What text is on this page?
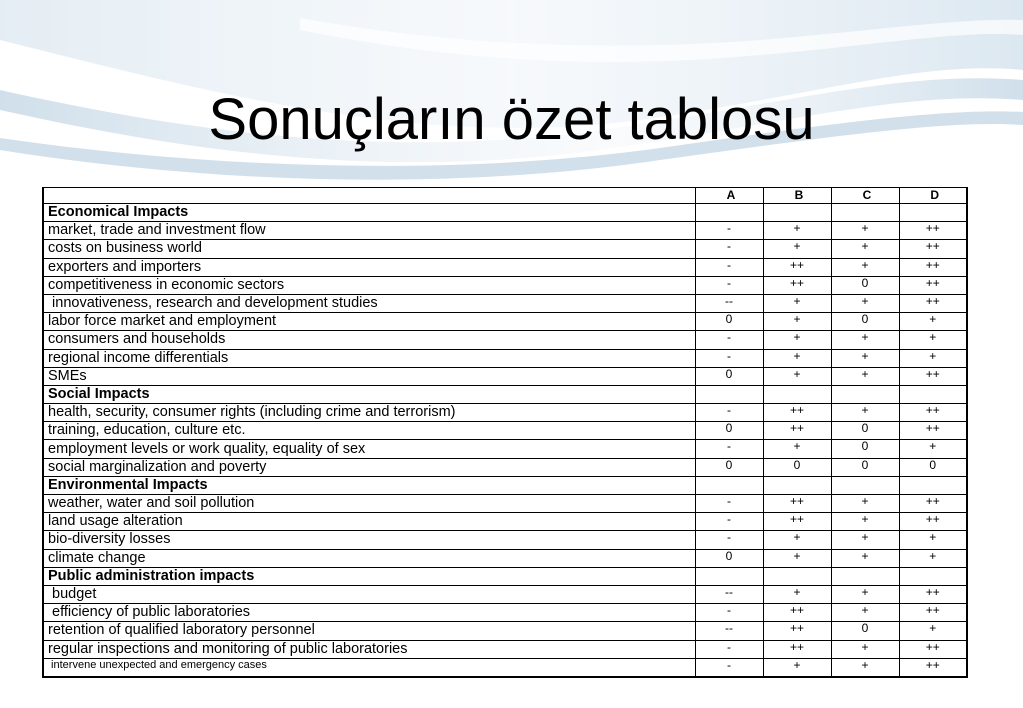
Sonuçların özet tablosu
	A	B	C	D
Economical Impacts				
market, trade and investment flow	-	+	+	++
costs on business world	-	+	+	++
exporters and importers	-	++	+	++
competitiveness in economic sectors	-	++	0	++
innovativeness, research and development studies	--	+	+	++
labor force market and employment	0	+	0	+
consumers and households	-	+	+	+
regional income differentials	-	+	+	+
SMEs	0	+	+	++
Social Impacts				
health, security, consumer rights (including crime and terrorism)	-	++	+	++
training, education, culture etc.	0	++	0	++
employment levels or work quality, equality of sex	-	+	0	+
social marginalization and poverty	0	0	0	0
Environmental Impacts				
weather, water and soil pollution	-	++	+	++
land usage alteration	-	++	+	++
bio-diversity losses	-	+	+	+
climate change	0	+	+	+
Public administration impacts				
budget	--	+	+	++
efficiency of public laboratories	-	++	+	++
retention of qualified laboratory personnel	--	++	0	+
regular inspections and monitoring of public laboratories	-	++	+	++
intervene unexpected and emergency cases	-	+	+	++
